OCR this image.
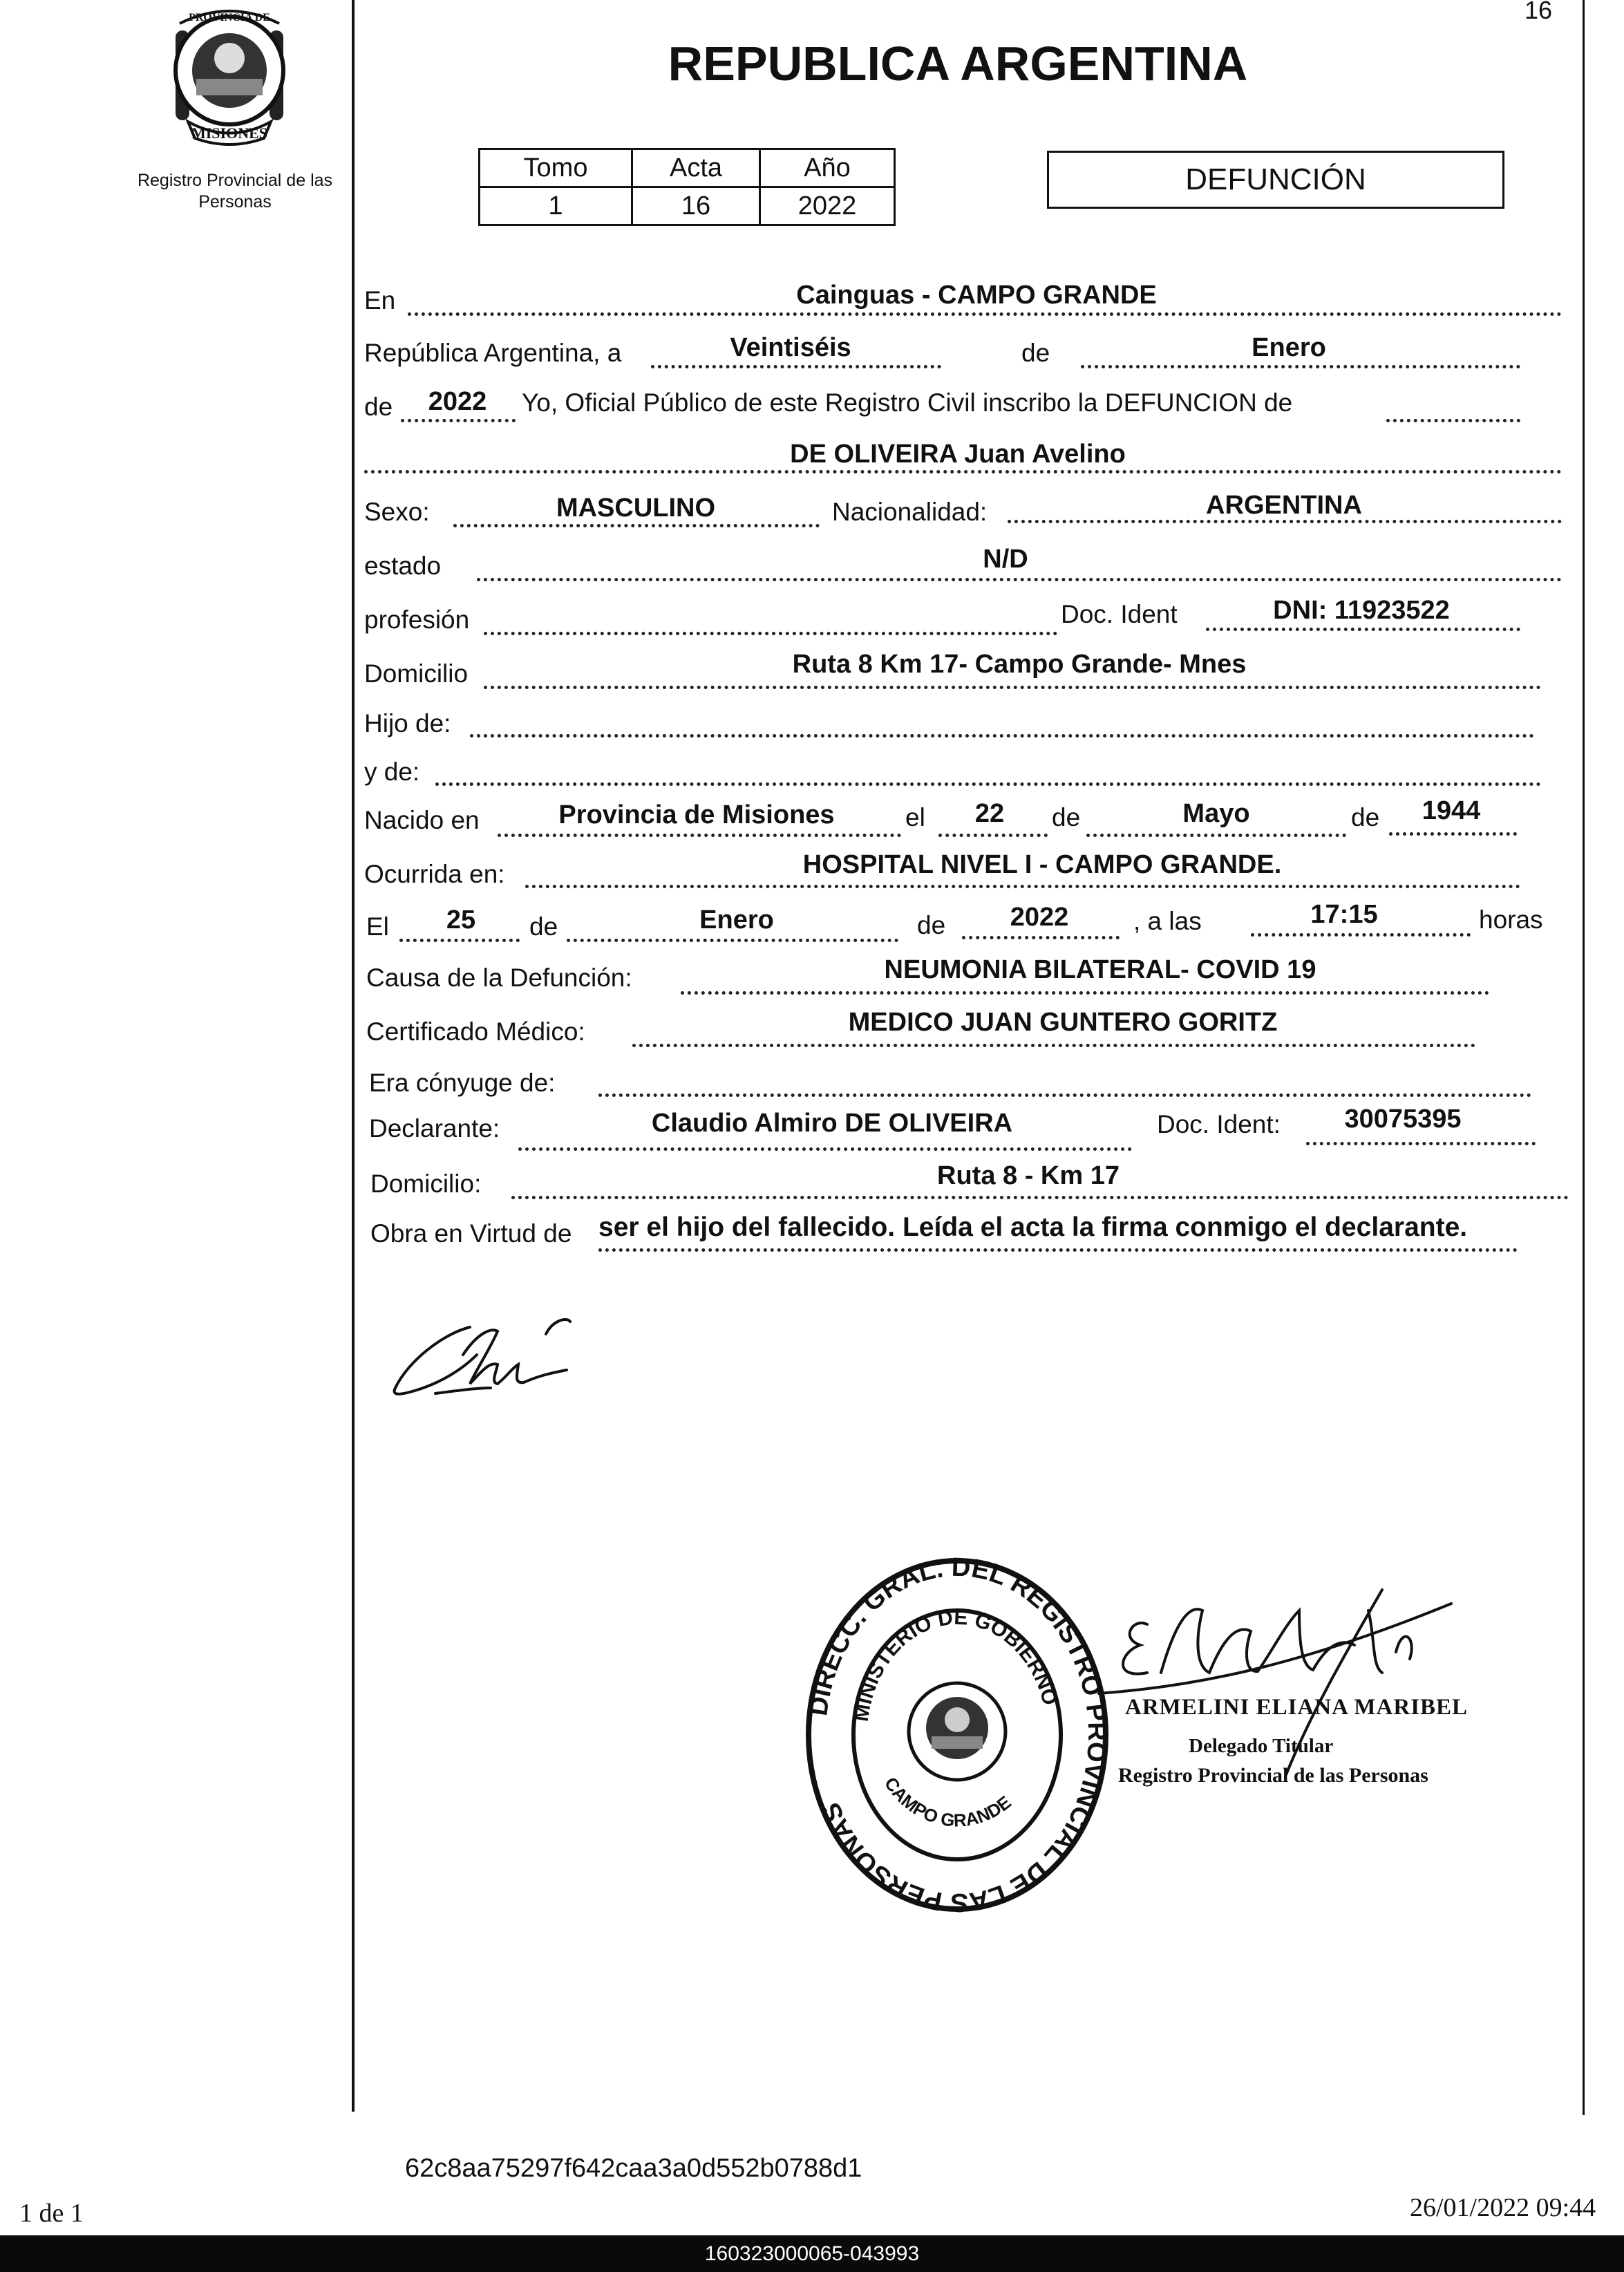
16
PROVINCIA DE
MISIONES
Registro Provincial de las Personas
REPUBLICA ARGENTINA
Tomo	Acta	Año
1	16	2022
DEFUNCIÓN
En	Cainguas - CAMPO GRANDE
República Argentina, a	Veintiséis	de	Enero
de 2022 Yo, Oficial Público de este Registro Civil inscribo la DEFUNCION de
DE OLIVEIRA Juan Avelino
Sexo:	MASCULINO	Nacionalidad:	ARGENTINA
estado	N/D
profesión	Doc. Ident	DNI: 11923522
Domicilio	Ruta 8 Km 17- Campo Grande- Mnes
Hijo de:
y de:
Nacido en	Provincia de Misiones	el 22 de	Mayo	de 1944
Ocurrida en:	HOSPITAL NIVEL I - CAMPO GRANDE.
El 25 de	Enero	de 2022	, a las	17:15	horas
Causa de la Defunción:	NEUMONIA BILATERAL- COVID 19
Certificado Médico:	MEDICO JUAN GUNTERO GORITZ
Era cónyuge de:
Declarante:	Claudio Almiro DE OLIVEIRA	Doc. Ident: 30075395
Domicilio:	Ruta 8 - Km 17
Obra en Virtud de ser el hijo del fallecido. Leída el acta la firma conmigo el declarante.
DIRECC. GRAL. DEL REGISTRO PROVINCIAL DE LAS PERSONAS
MINISTERIO DE GOBIERNO
CAMPO GRANDE
ARMELINI ELIANA MARIBEL
Delegado Titular
Registro Provincial de las Personas
62c8aa75297f642caa3a0d552b0788d1
1 de 1	26/01/2022 09:44
160323000065-043993
